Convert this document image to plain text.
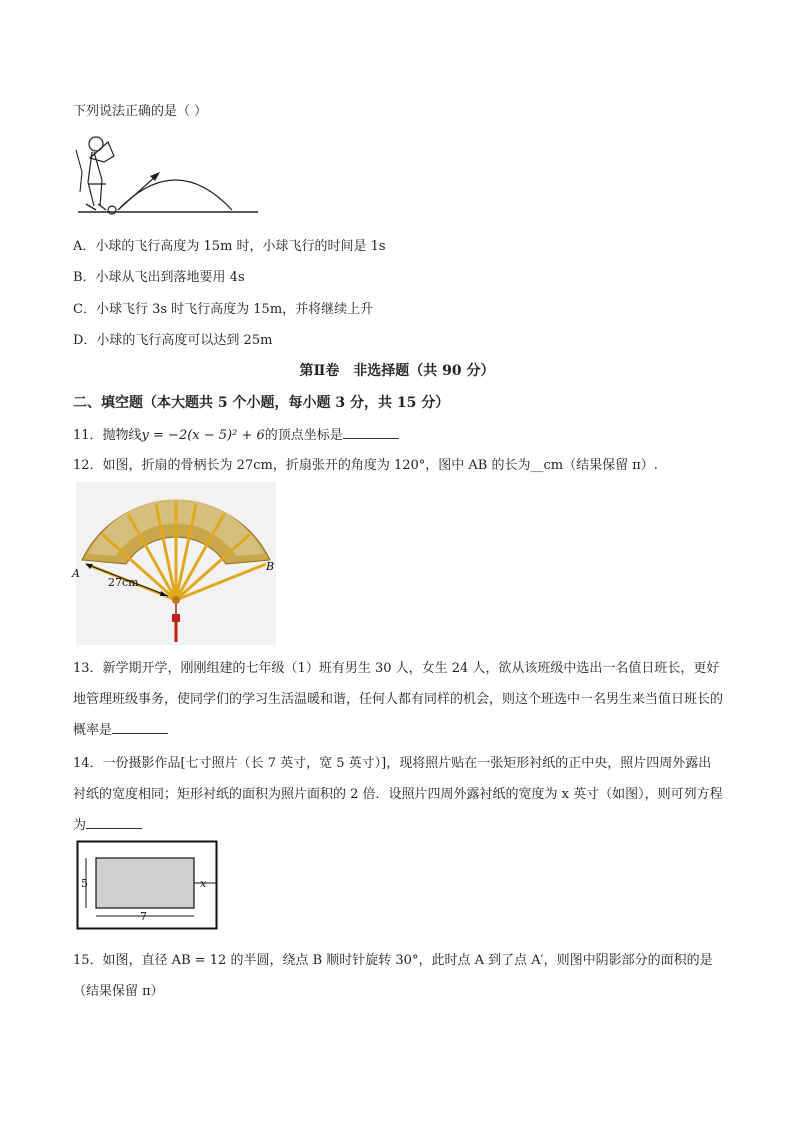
下列说法正确的是（ ）
A．小球的飞行高度为 15m 时，小球飞行的时间是 1s
B．小球从飞出到落地要用 4s
C．小球飞行 3s 时飞行高度为 15m，并将继续上升
D．小球的飞行高度可以达到 25m
第Ⅱ卷　非选择题（共 90 分）
二、填空题（本大题共 5 个小题，每小题 3 分，共 15 分）
11．抛物线y = −2(x − 5)² + 6的顶点坐标是
12．如图，折扇的骨柄长为 27cm，折扇张开的角度为 120°，图中 AB 的长为__cm（结果保留 π）.
A
B
27cm
13．新学期开学，刚刚组建的七年级（1）班有男生 30 人，女生 24 人，欲从该班级中选出一名值日班长，更好地管理班级事务，使同学们的学习生活温暖和谐，任何人都有同样的机会，则这个班选中一名男生来当值日班长的概率是
14．一份摄影作品[七寸照片（长 7 英寸，宽 5 英寸）]，现将照片贴在一张矩形衬纸的正中央，照片四周外露出衬纸的宽度相同；矩形衬纸的面积为照片面积的 2 倍．设照片四周外露衬纸的宽度为 x 英寸（如图），则可列方程为
5
7
x
15．如图，直径 AB = 12 的半圆，绕点 B 顺时针旋转 30°，此时点 A 到了点 A′，则图中阴影部分的面积的是（结果保留 π）
